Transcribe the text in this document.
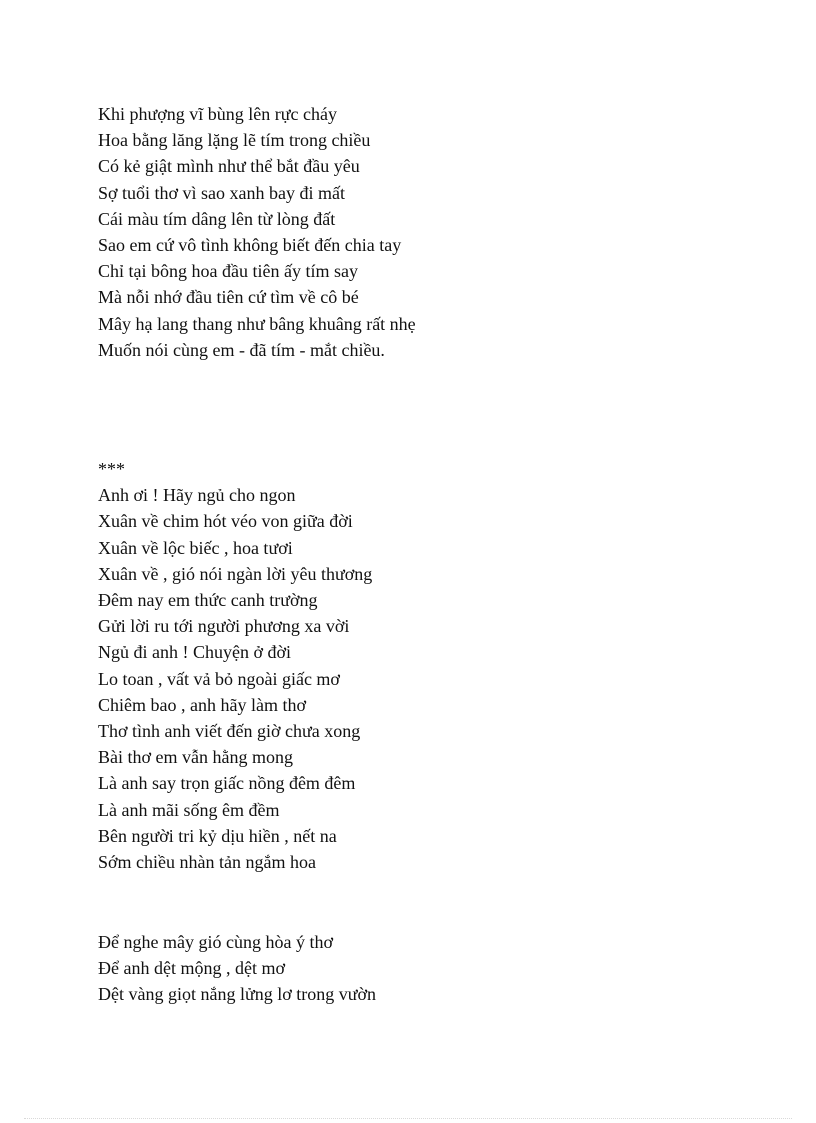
Khi phượng vĩ bùng lên rực cháy
Hoa bằng lăng lặng lẽ tím trong chiều
Có kẻ giật mình như thể bắt đầu yêu
Sợ tuổi thơ vì sao xanh bay đi mất
Cái màu tím dâng lên từ lòng đất
Sao em cứ vô tình không biết đến chia tay
Chỉ tại bông hoa đầu tiên ấy tím say
Mà nỗi nhớ đầu tiên cứ tìm về cô bé
Mây hạ lang thang như bâng khuâng rất nhẹ
Muốn nói cùng em - đã tím - mắt chiều.
***
Anh ơi ! Hãy ngủ cho ngon
Xuân về chim hót véo von giữa đời
Xuân về lộc biếc , hoa tươi
Xuân về , gió nói ngàn lời yêu thương
Đêm nay em thức canh trường
Gửi lời ru tới người phương xa vời
Ngủ đi anh ! Chuyện ở đời
Lo toan , vất vả bỏ ngoài giấc mơ
Chiêm bao , anh hãy làm thơ
Thơ tình anh viết đến giờ chưa xong
Bài thơ em vẫn hằng mong
Là anh say trọn giấc nồng đêm đêm
Là anh mãi sống êm đềm
Bên người tri kỷ dịu hiền , nết na
Sớm chiều nhàn tản ngắm hoa
Để nghe mây gió cùng hòa ý thơ
Để anh dệt mộng , dệt mơ
Dệt vàng giọt nắng lửng lơ trong vườn
